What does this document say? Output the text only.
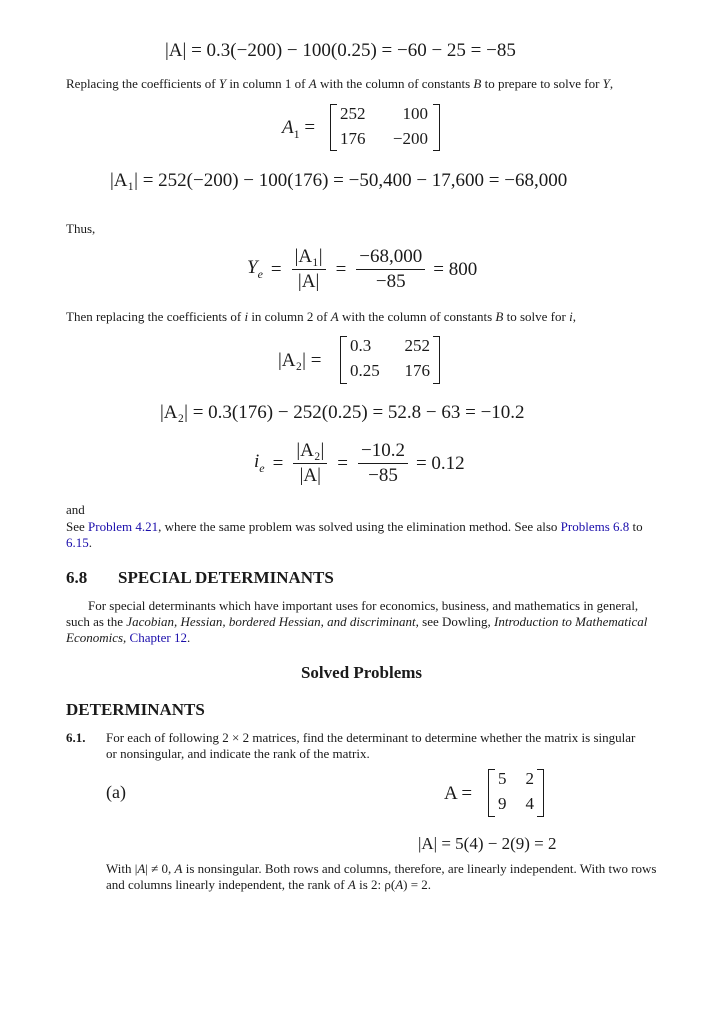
|A| = 0.3(−200) − 100(0.25) = −60 − 25 = −85
Replacing the coefficients of Y in column 1 of A with the column of constants B to prepare to solve for Y,
$A_1$ =
252 100
176 −200
|A₁| = 252(−200) − 100(176) = −50,400 − 17,600 = −68,000
Thus,
$Y_e = \frac{\text{|A₁|}}{|A|} = \frac{-68,000}{-85} = 800$
Then replacing the coefficients of i in column 2 of A with the column of constants B to solve for i,
|A₂| =
0.3 252
0.25 176
|A₂| = 0.3(176) − 252(0.25) = 52.8 − 63 = −10.2
$i_e = \frac{\text{|A₂|}}{|A|} = \frac{-10.2}{-85} = 0.12$
and
See Problem 4.21, where the same problem was solved using the elimination method. See also Problems 6.8 to 6.15.
6.8	SPECIAL DETERMINANTS
For special determinants which have important uses for economics, business, and mathematics in general, such as the Jacobian, Hessian, bordered Hessian, and discriminant, see Dowling, Introduction to Mathematical Economics, Chapter 12.
Solved Problems
DETERMINANTS
6.1. For each of following 2 × 2 matrices, find the determinant to determine whether the matrix is singular or nonsingular, and indicate the rank of the matrix.
(a)	A =
5 2
9 4
|A| = 5(4) − 2(9) = 2
With |A| ≠ 0, A is nonsingular. Both rows and columns, therefore, are linearly independent. With two rows and columns linearly independent, the rank of A is 2: ρ(A) = 2.
